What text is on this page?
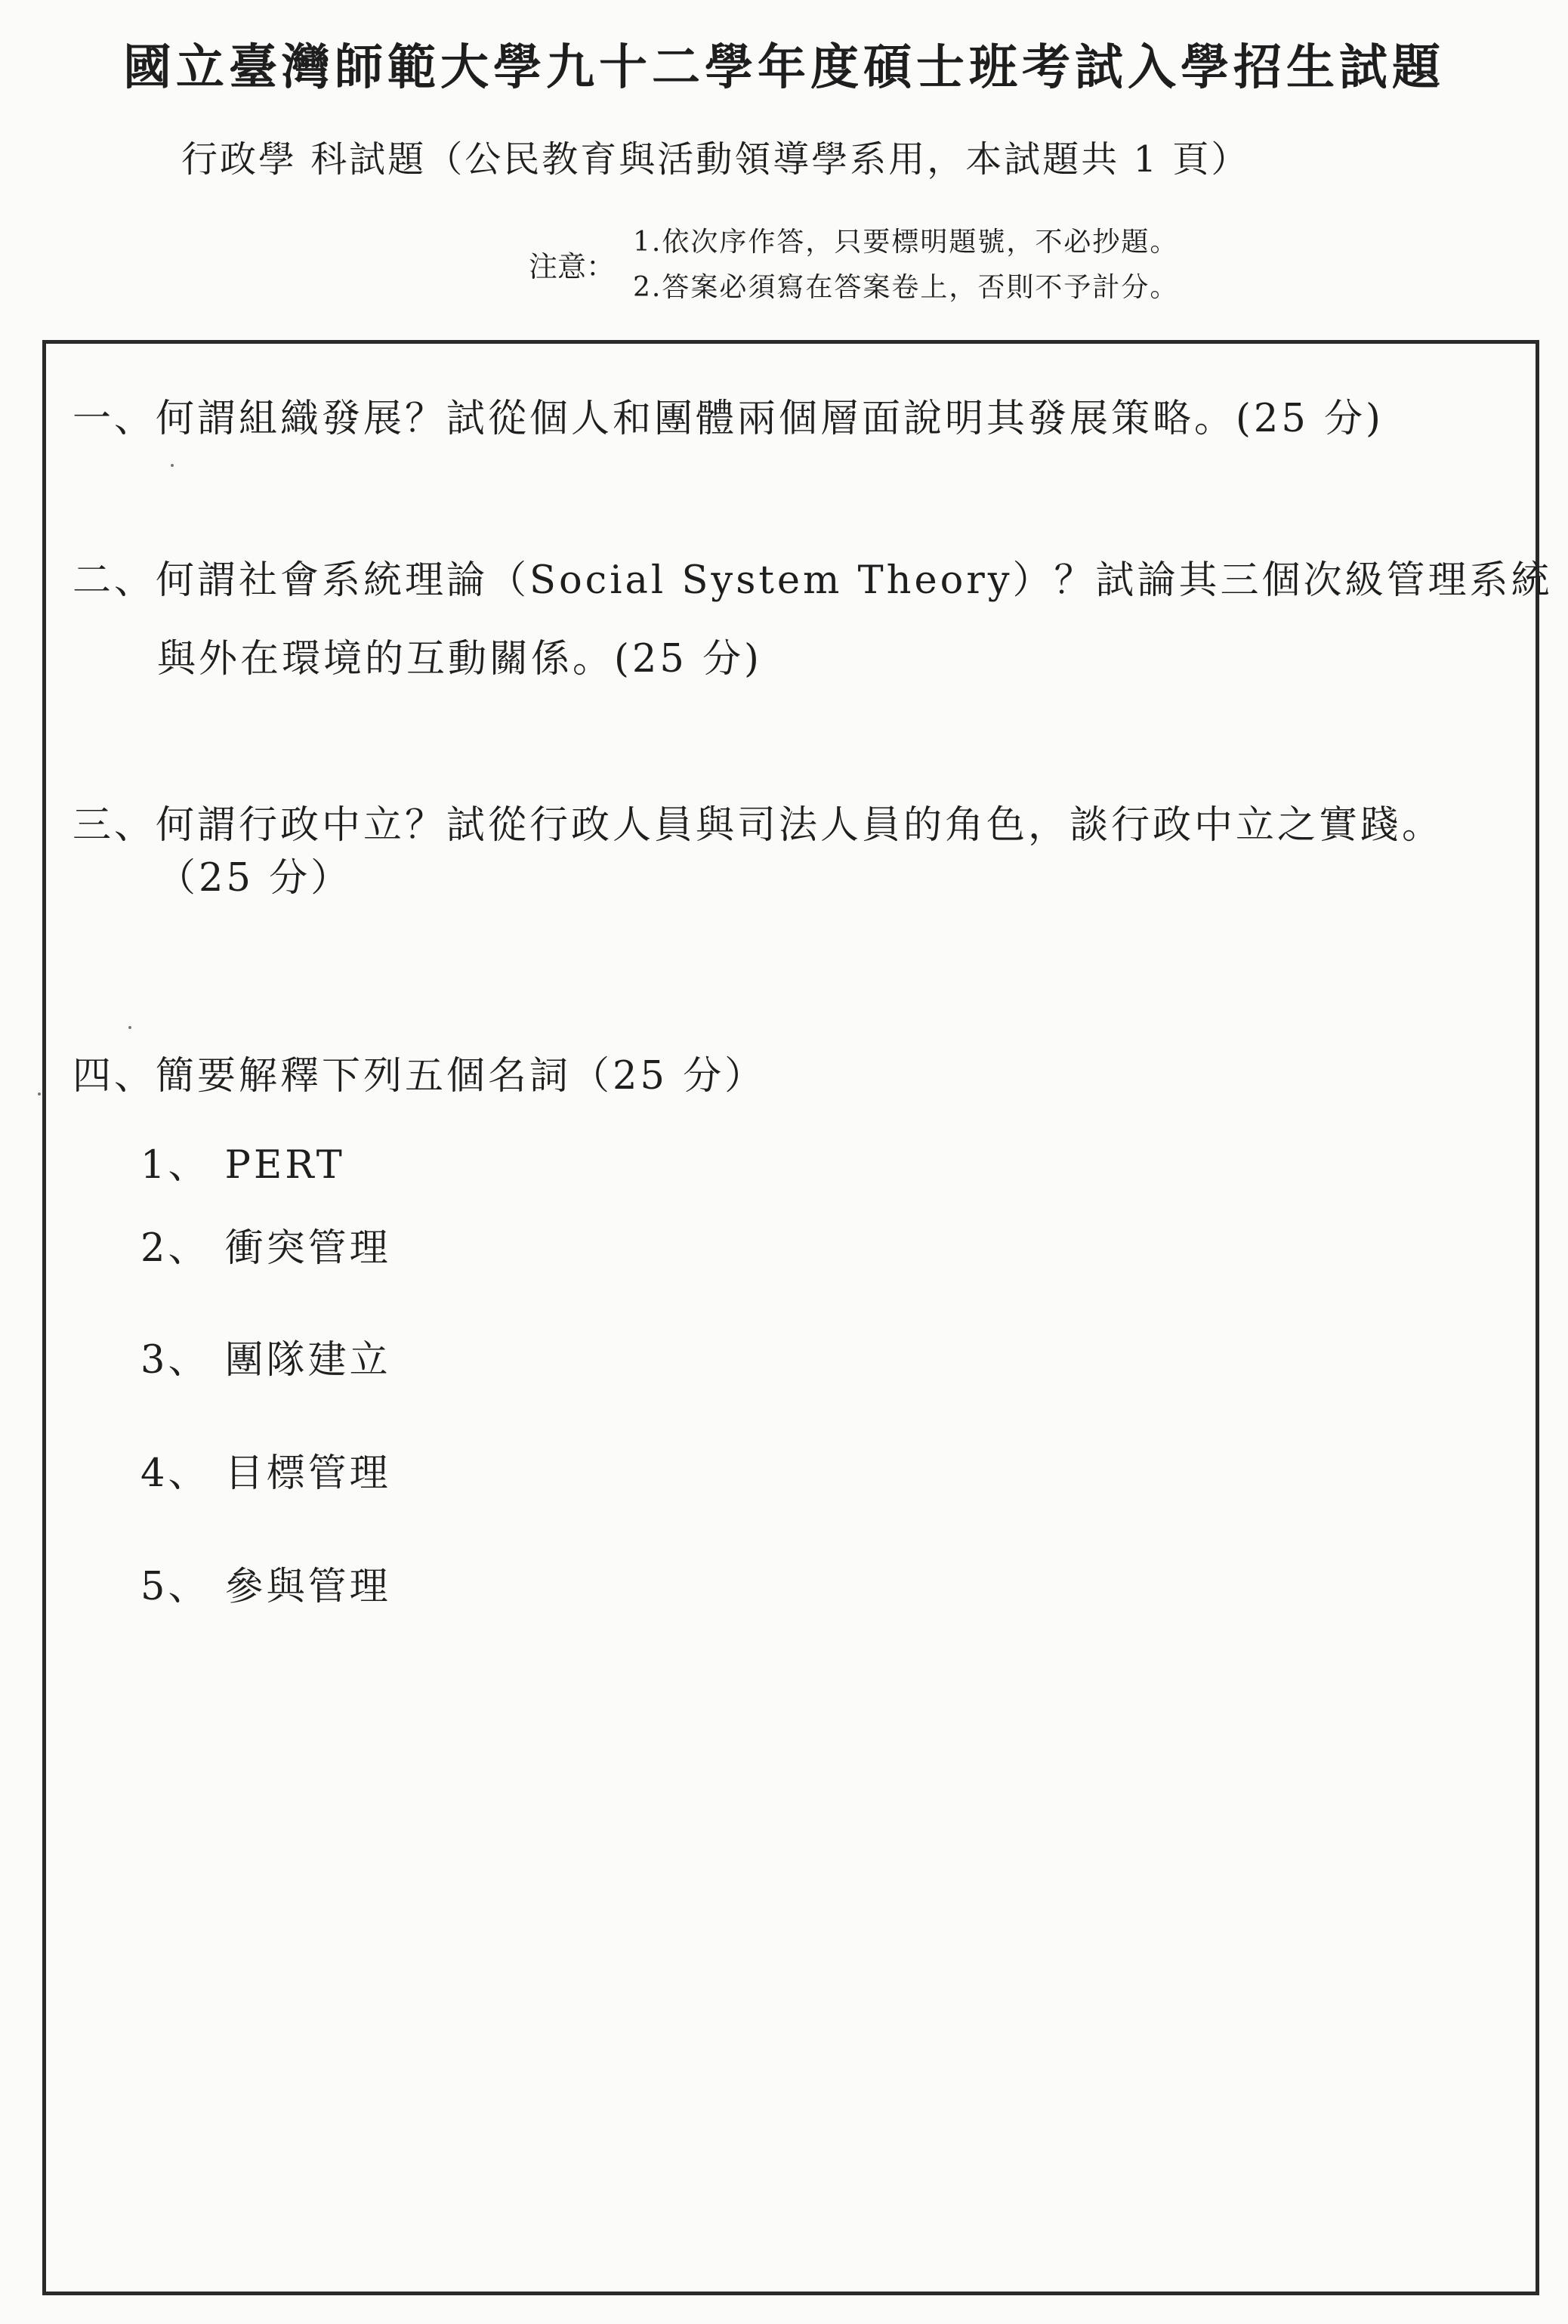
國立臺灣師範大學九十二學年度碩士班考試入學招生試題
行政學 科試題（公民教育與活動領導學系用，本試題共 1 頁）
注意：
1.依次序作答，只要標明題號，不必抄題。
2.答案必須寫在答案卷上，否則不予計分。
一、何謂組織發展？試從個人和團體兩個層面說明其發展策略。(25 分)
二、何謂社會系統理論（Social System Theory）？試論其三個次級管理系統
與外在環境的互動關係。(25 分)
三、何謂行政中立？試從行政人員與司法人員的角色，談行政中立之實踐。
（25 分）
四、簡要解釋下列五個名詞（25 分）
1、 PERT
2、 衝突管理
3、 團隊建立
4、 目標管理
5、 參與管理
